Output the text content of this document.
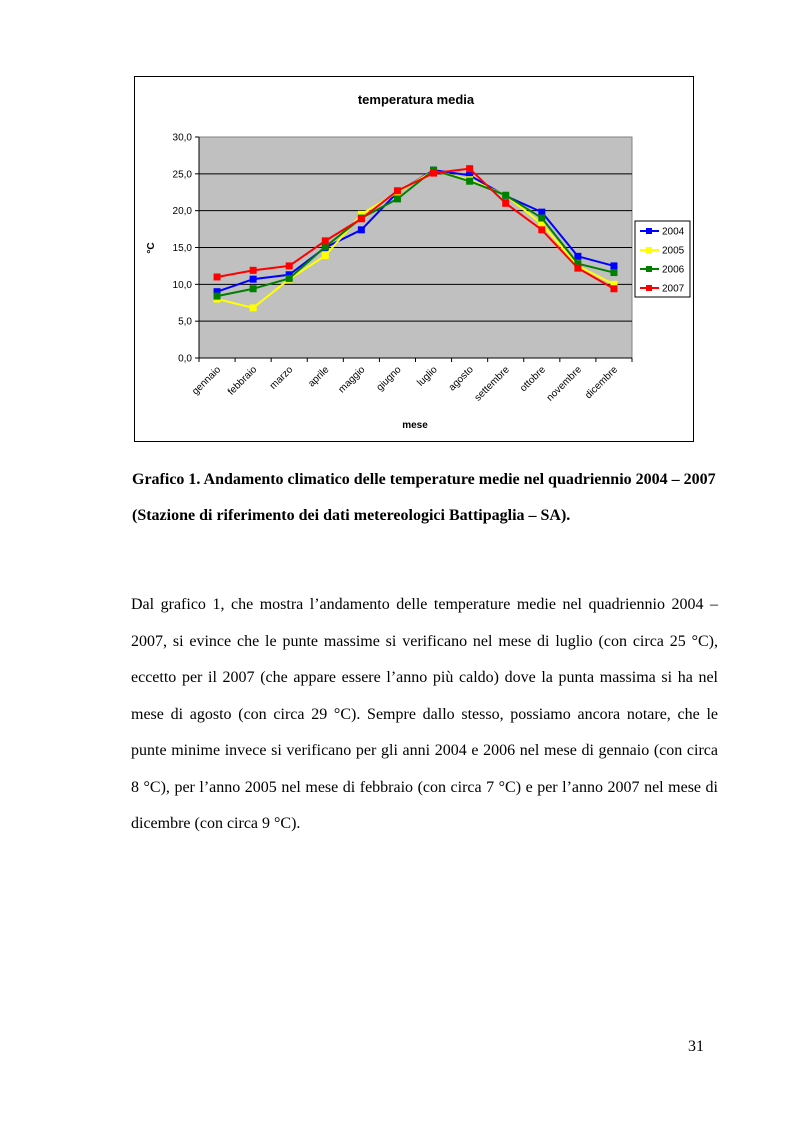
temperatura media
0,0
5,0
10,0
15,0
20,0
25,0
30,0
gennaio febbraio marzo aprile maggio giugno luglio agosto
settembre ottobre
novembre dicembre
°C
mese
2004
2005
2006
2007
Grafico 1. Andamento climatico delle temperature medie nel quadriennio 2004 – 2007
(Stazione di riferimento dei dati metereologici Battipaglia – SA).
Dal grafico 1, che mostra l’andamento delle temperature medie nel quadriennio 2004 – 2007, si evince che le punte massime si verificano nel mese di luglio (con circa 25 °C), eccetto per il 2007 (che appare essere l’anno più caldo) dove la punta massima si ha nel mese di agosto (con circa 29 °C). Sempre dallo stesso, possiamo ancora notare, che le punte minime invece si verificano per gli anni 2004 e 2006 nel mese di gennaio (con circa 8 °C), per l’anno 2005 nel mese di febbraio (con circa 7 °C) e per l’anno 2007 nel mese di dicembre (con circa 9 °C).
31
